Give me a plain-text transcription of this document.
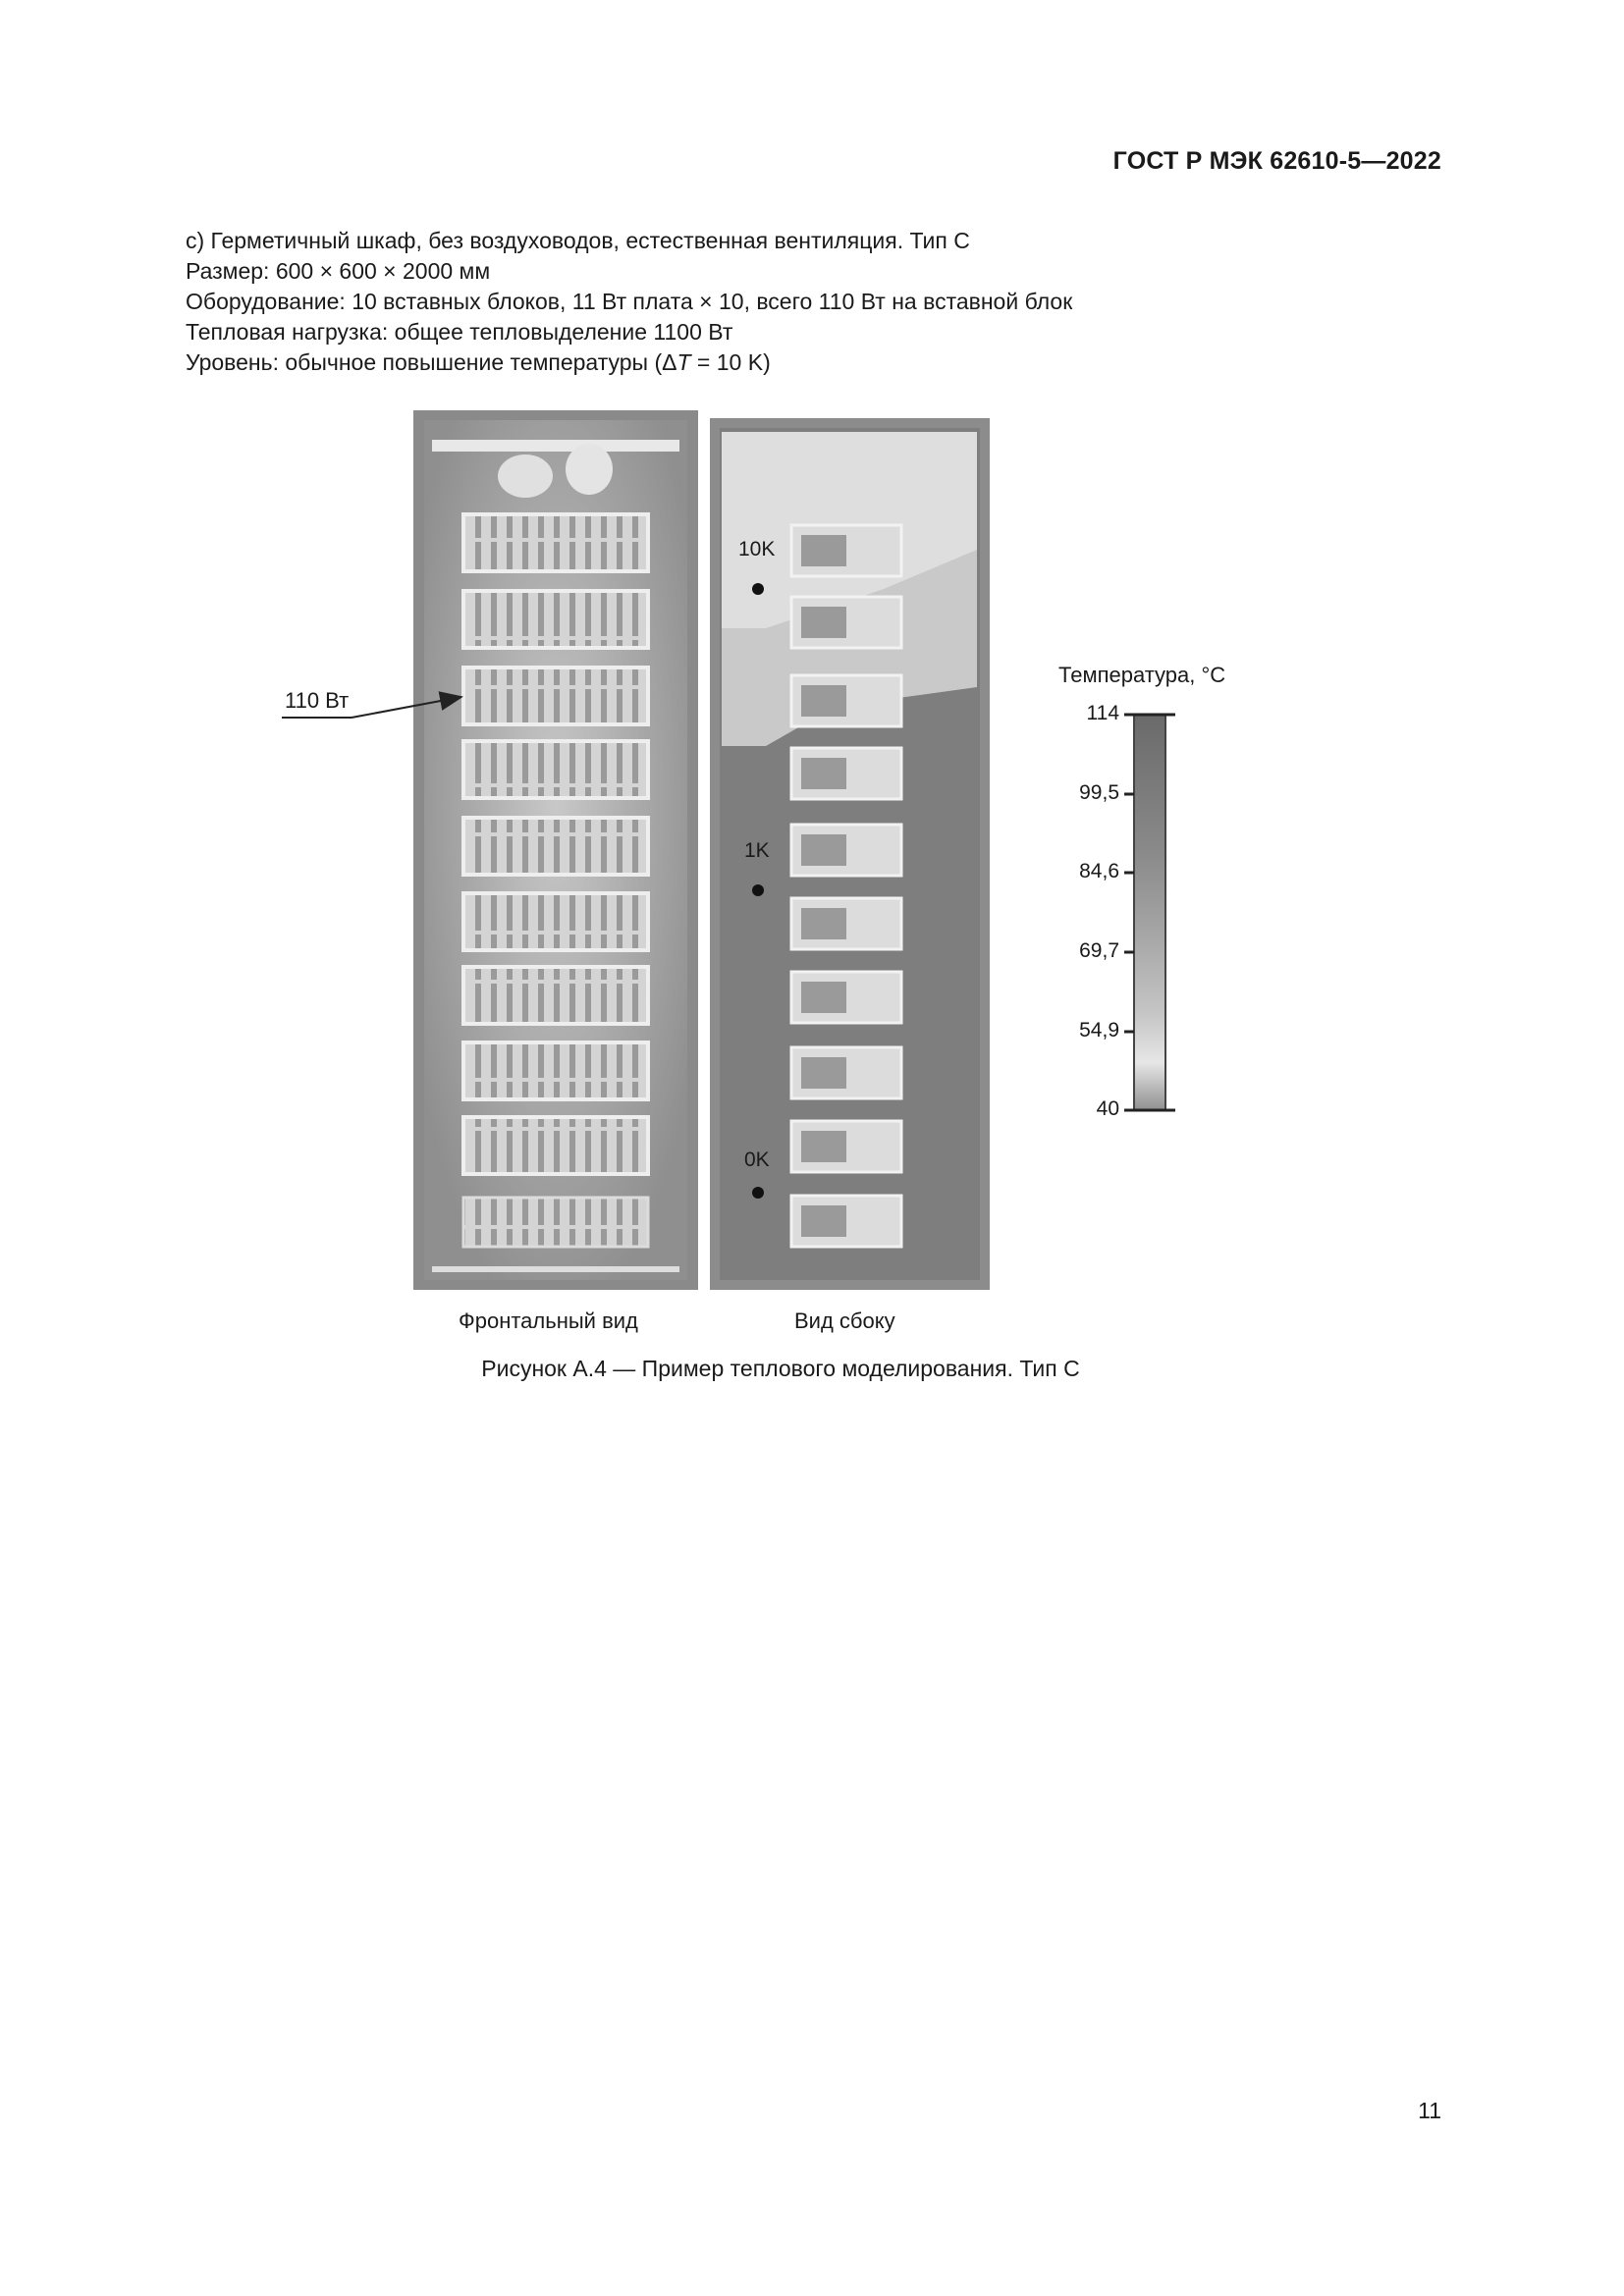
ГОСТ Р МЭК 62610-5—2022
c) Герметичный шкаф, без воздуховодов, естественная вентиляция. Тип С
Размер: 600 × 600 × 2000 мм
Оборудование: 10 вставных блоков, 11 Вт плата × 10, всего 110 Вт на вставной блок
Тепловая нагрузка: общее тепловыделение 1100 Вт
Уровень: обычное повышение температуры (ΔT = 10 K)
110 Вт
10K
1K
0K
Температура, °C
114
99,5
84,6
69,7
54,9
40
Фронтальный вид	Вид сбоку
Рисунок А.4 — Пример теплового моделирования. Тип С
11
